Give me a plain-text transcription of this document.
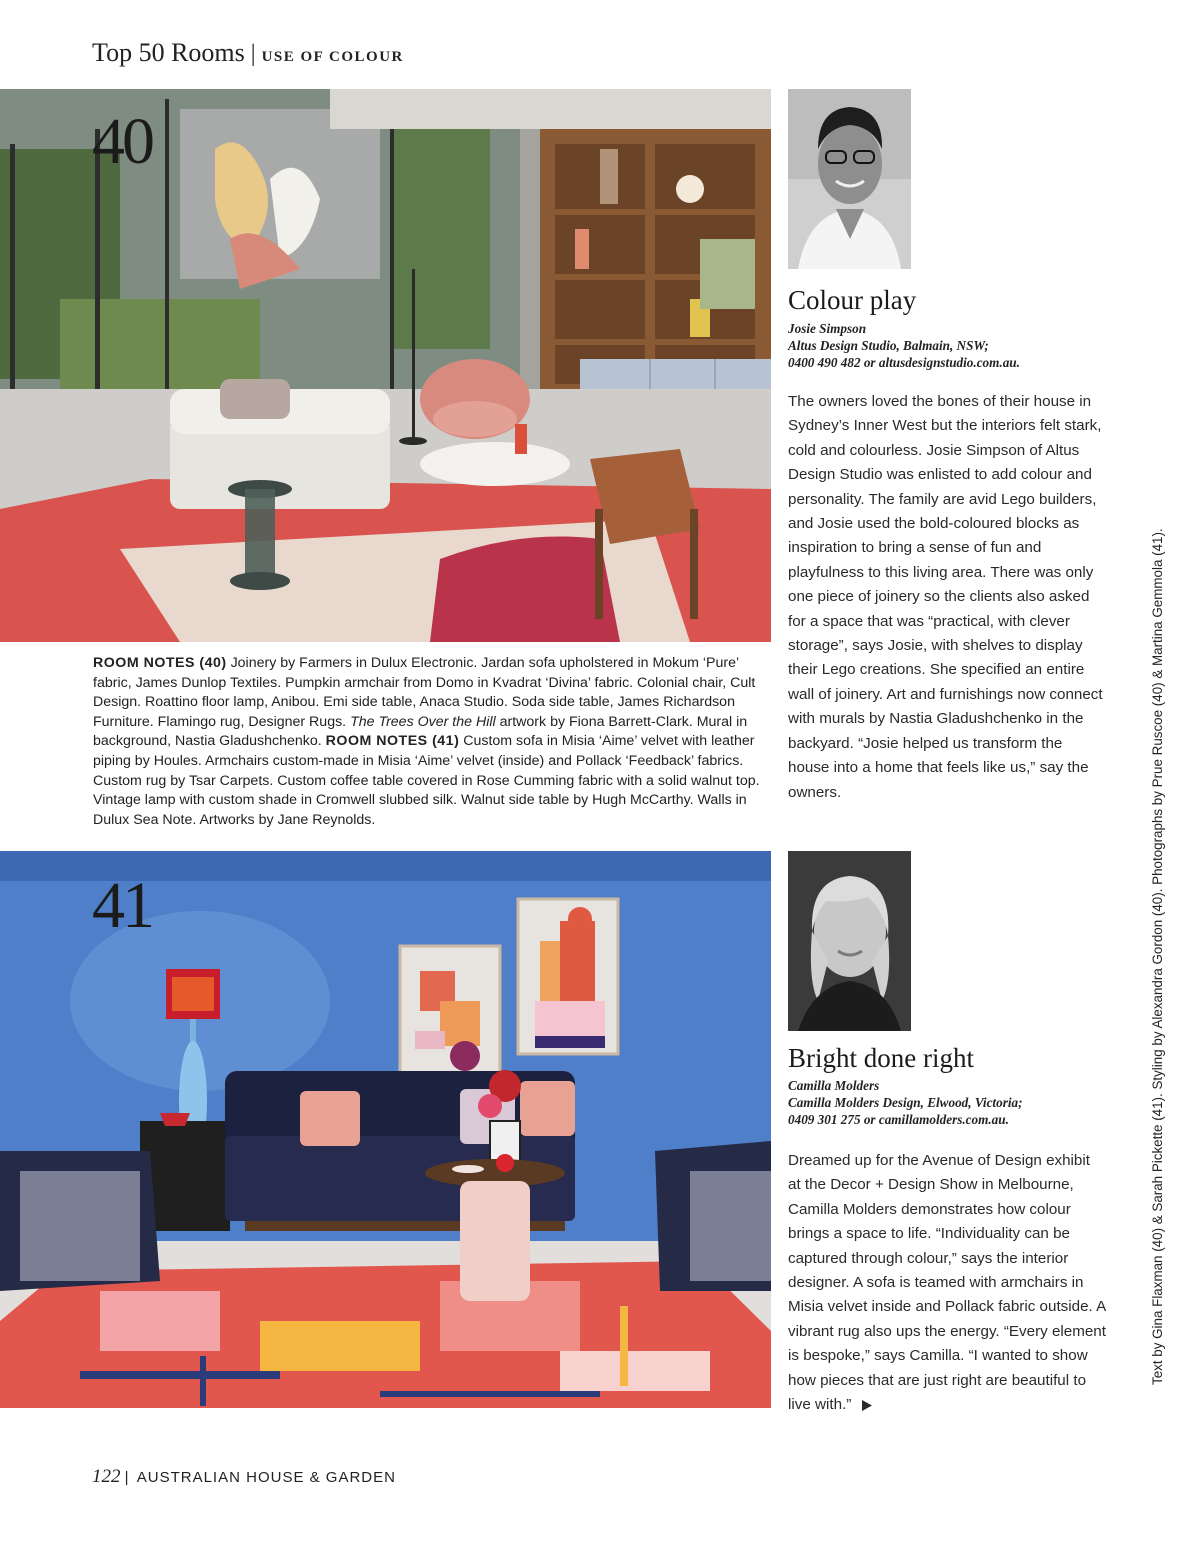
Top 50 Rooms | USE OF COLOUR
40
Colour play
Josie Simpson
Altus Design Studio, Balmain, NSW;
0400 490 482 or altusdesignstudio.com.au.
The owners loved the bones of their house in Sydney’s Inner West but the interiors felt stark, cold and colourless. Josie Simpson of Altus Design Studio was enlisted to add colour and personality. The family are avid Lego builders, and Josie used the bold-coloured blocks as inspiration to bring a sense of fun and playfulness to this living area. There was only one piece of joinery so the clients also asked for a space that was “practical, with clever storage”, says Josie, with shelves to display their Lego creations. She specified an entire wall of joinery. Art and furnishings now connect with murals by Nastia Gladushchenko in the backyard. “Josie helped us transform the house into a home that feels like us,” say the owners.
ROOM NOTES (40) Joinery by Farmers in Dulux Electronic. Jardan sofa upholstered in Mokum ‘Pure’ fabric, James Dunlop Textiles. Pumpkin armchair from Domo in Kvadrat ‘Divina’ fabric. Colonial chair, Cult Design. Roattino floor lamp, Anibou. Emi side table, Anaca Studio. Soda side table, James Richardson Furniture. Flamingo rug, Designer Rugs. The Trees Over the Hill artwork by Fiona Barrett-Clark. Mural in background, Nastia Gladushchenko. ROOM NOTES (41) Custom sofa in Misia ‘Aime’ velvet with leather piping by Houles. Armchairs custom-made in Misia ‘Aime’ velvet (inside) and Pollack ‘Feedback’ fabrics. Custom rug by Tsar Carpets. Custom coffee table covered in Rose Cumming fabric with a solid walnut top. Vintage lamp with custom shade in Cromwell slubbed silk. Walnut side table by Hugh McCarthy. Walls in Dulux Sea Note. Artworks by Jane Reynolds.
41
Bright done right
Camilla Molders
Camilla Molders Design, Elwood, Victoria;
0409 301 275 or camillamolders.com.au.
Dreamed up for the Avenue of Design exhibit at the Decor + Design Show in Melbourne, Camilla Molders demonstrates how colour brings a space to life. “Individuality can be captured through colour,” says the interior designer. A sofa is teamed with armchairs in Misia velvet inside and Pollack fabric outside. A vibrant rug also ups the energy. “Every element is bespoke,” says Camilla. “I wanted to show how pieces that are just right are beautiful to live with.”
Text by Gina Flaxman (40) & Sarah Pickette (41). Styling by Alexandra Gordon (40). Photographs by Prue Ruscoe (40) & Martina Gemmola (41).
122 | AUSTRALIAN HOUSE & GARDEN
